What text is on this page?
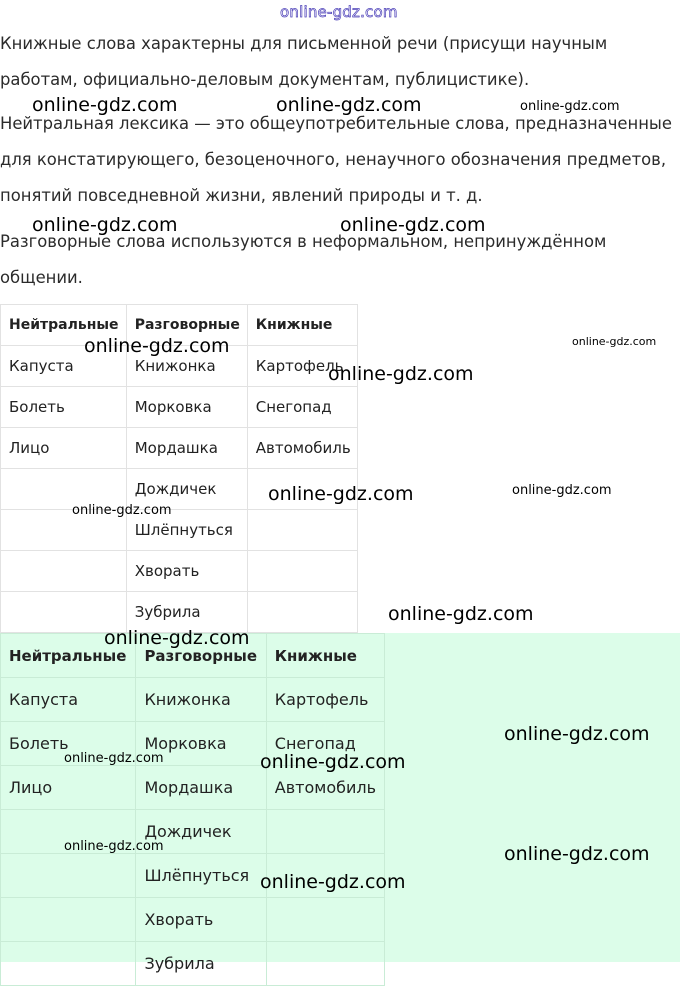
online-gdz.com
Книжные слова характерны для письменной речи (присущи научным
работам, официально-деловым документам, публицистике).
Нейтральная лексика — это общеупотребительные слова, предназначенные
для констатирующего, безоценочного, ненаучного обозначения предметов,
понятий повседневной жизни, явлений природы и т. д.
Разговорные слова используются в неформальном, непринуждённом
общении.
Нейтральные	Разговорные	Книжные
Капуста	Книжонка	Картофель
Болеть	Морковка	Снегопад
Лицо	Мордашка	Автомобиль
	Дождичек	
	Шлёпнуться	
	Хворать	
	Зубрила	
Нейтральные	Разговорные	Книжные
Капуста	Книжонка	Картофель
Болеть	Морковка	Снегопад
Лицо	Мордашка	Автомобиль
	Дождичек	
	Шлёпнуться	
	Хворать	
	Зубрила	
online-gdz.com	online-gdz.com	online-gdz.com
online-gdz.com	online-gdz.com
online-gdz.com	online-gdz.com
online-gdz.com
online-gdz.com	online-gdz.com
online-gdz.com
online-gdz.com
online-gdz.com
online-gdz.com
online-gdz.com	online-gdz.com
online-gdz.com	online-gdz.com
online-gdz.com
